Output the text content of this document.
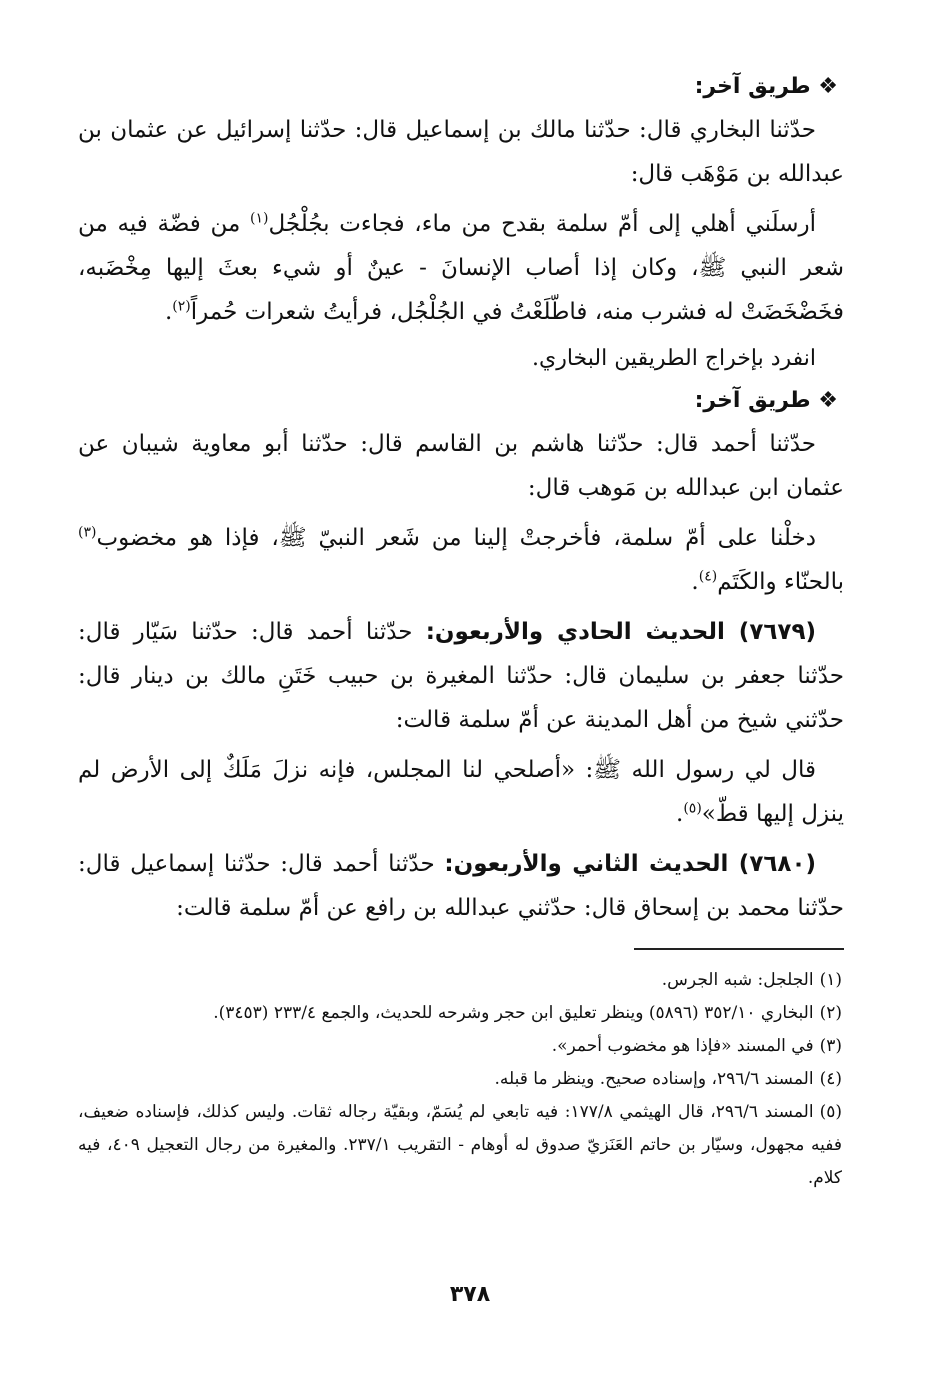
❖ طريق آخر:

حدّثنا البخاري قال: حدّثنا مالك بن إسماعيل قال: حدّثنا إسرائيل عن عثمان بن عبدالله بن مَوْهَب قال:

أرسلَني أهلي إلى أمّ سلمة بقدح من ماء، فجاءت بجُلْجُل$^{(١)}$ من فضّة فيه من شعر النبي ﷺ، وكان إذا أصاب الإنسانَ - عينٌ أو شيء بعثَ إليها مِخْضَبه، فخَضْخَضَتْ له فشرب منه، فاطّلَعْتُ في الجُلْجُل، فرأيتُ شعرات حُمراً$^{(٢)}$.

انفرد بإخراج الطريقين البخاري.

❖ طريق آخر:

حدّثنا أحمد قال: حدّثنا هاشم بن القاسم قال: حدّثنا أبو معاوية شيبان عن عثمان ابن عبدالله بن مَوهب قال:

دخلْنا على أمّ سلمة، فأخرجتْ إلينا من شَعر النبيّ ﷺ، فإذا هو مخضوب$^{(٣)}$ بالحنّاء والكَتَم$^{(٤)}$.

(٧٦٧٩) الحديث الحادي والأربعون: حدّثنا أحمد قال: حدّثنا سَيّار قال: حدّثنا جعفر بن سليمان قال: حدّثنا المغيرة بن حبيب خَتَنِ مالك بن دينار قال: حدّثني شيخ من أهل المدينة عن أمّ سلمة قالت:

قال لي رسول الله ﷺ: «أصلحي لنا المجلس، فإنه نزلَ مَلَكٌ إلى الأرض لم ينزل إليها قطّ»$^{(٥)}$.

(٧٦٨٠) الحديث الثاني والأربعون: حدّثنا أحمد قال: حدّثنا إسماعيل قال: حدّثنا محمد بن إسحاق قال: حدّثني عبدالله بن رافع عن أمّ سلمة قالت:

(١)الجلجل: شبه الجرس.

(٢)البخاري ٣٥٢/١٠ (٥٨٩٦) وينظر تعليق ابن حجر وشرحه للحديث، والجمع ٢٣٣/٤ (٣٤٥٣).

(٣)في المسند «فإذا هو مخضوب أحمر».

(٤)المسند ٢٩٦/٦، وإسناده صحيح. وينظر ما قبله.

(٥)المسند ٢٩٦/٦، قال الهيثمي ١٧٧/٨: فيه تابعي لم يُسَمّ، وبقيّة رجاله ثقات. وليس كذلك، فإسناده ضعيف، ففيه مجهول، وسيّار بن حاتم العَنَزيّ صدوق له أوهام - التقريب ٢٣٧/١. والمغيرة من رجال التعجيل ٤٠٩، فيه كلام.

٣٧٨
